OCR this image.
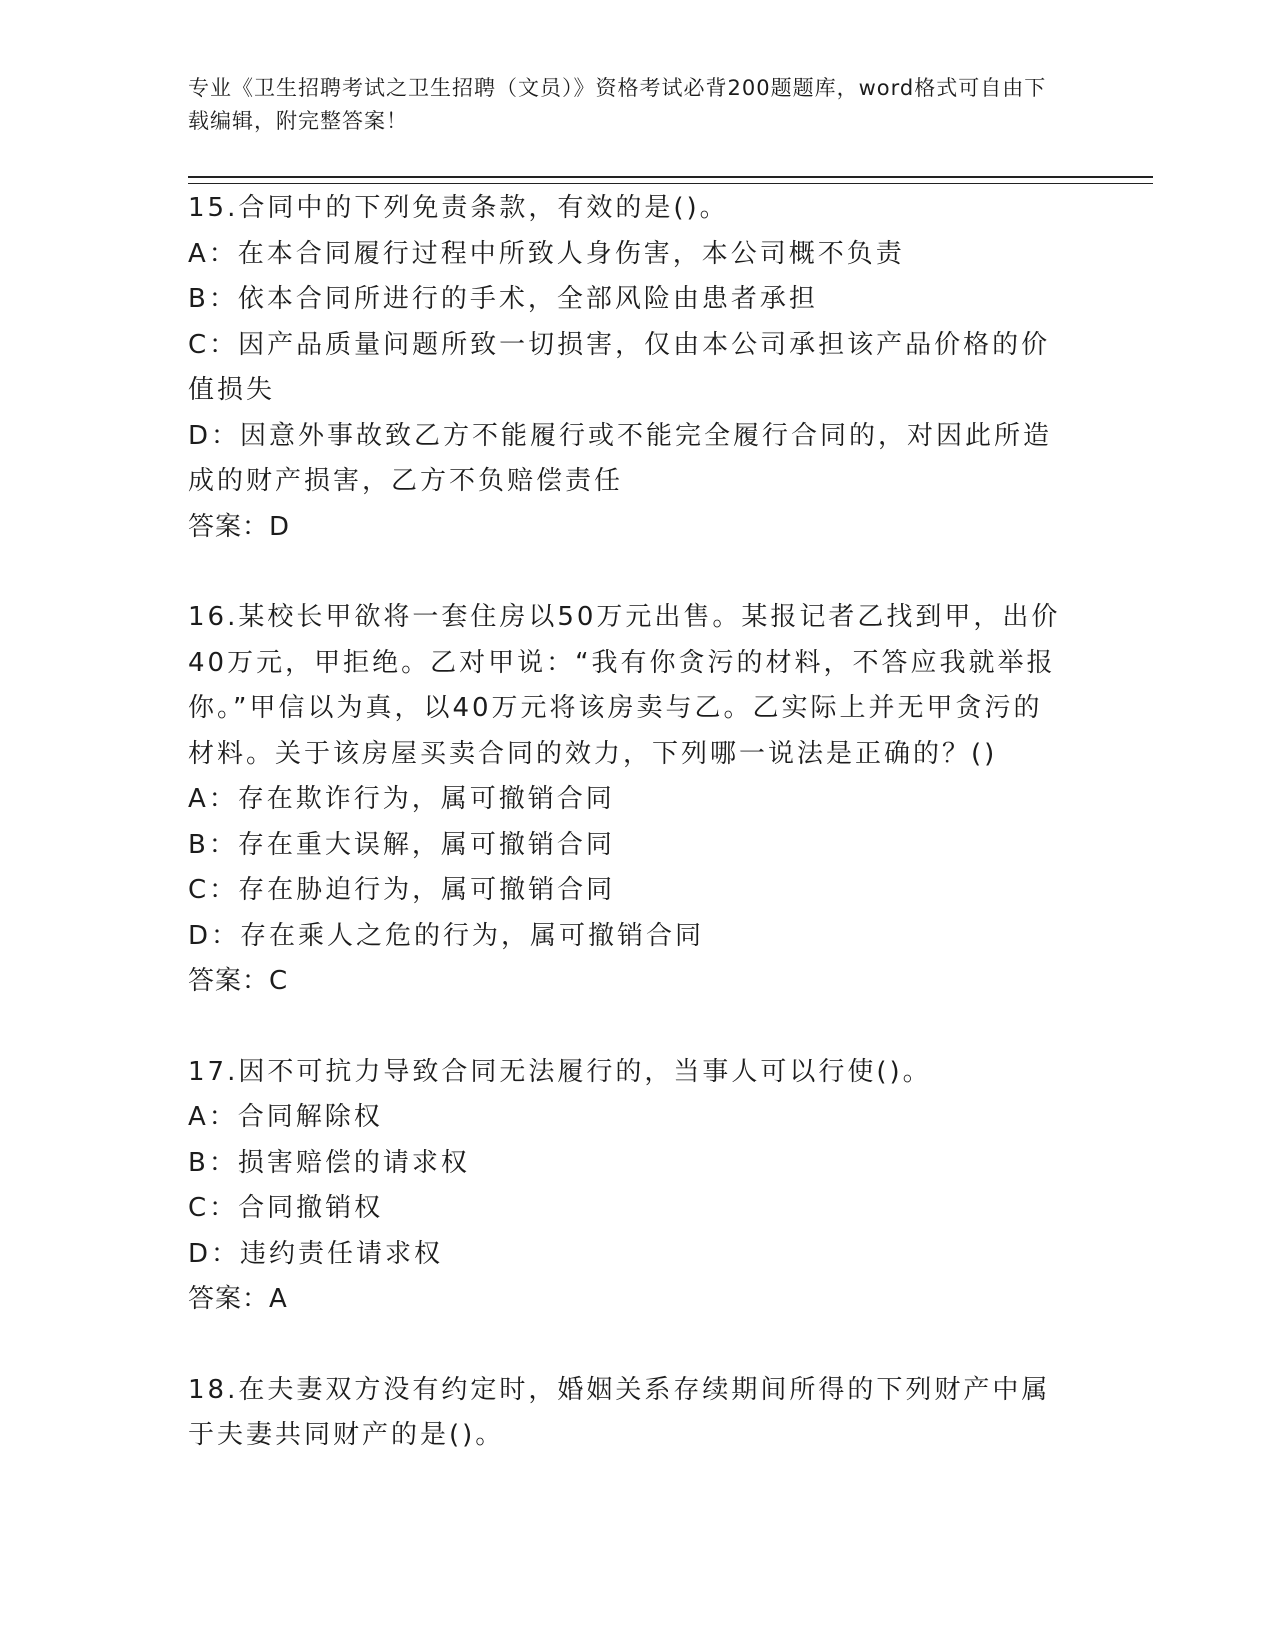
专业《卫生招聘考试之卫生招聘（文员）》资格考试必背200题题库，word格式可自由下载编辑，附完整答案！
15.合同中的下列免责条款，有效的是()。
A：在本合同履行过程中所致人身伤害，本公司概不负责
B：依本合同所进行的手术，全部风险由患者承担
C：因产品质量问题所致一切损害，仅由本公司承担该产品价格的价值损失
D：因意外事故致乙方不能履行或不能完全履行合同的，对因此所造成的财产损害，乙方不负赔偿责任
答案：D
16.某校长甲欲将一套住房以50万元出售。某报记者乙找到甲，出价40万元，甲拒绝。乙对甲说：“我有你贪污的材料，不答应我就举报你。”甲信以为真，以40万元将该房卖与乙。乙实际上并无甲贪污的材料。关于该房屋买卖合同的效力，下列哪一说法是正确的？()
A：存在欺诈行为，属可撤销合同
B：存在重大误解，属可撤销合同
C：存在胁迫行为，属可撤销合同
D：存在乘人之危的行为，属可撤销合同
答案：C
17.因不可抗力导致合同无法履行的，当事人可以行使()。
A：合同解除权
B：损害赔偿的请求权
C：合同撤销权
D：违约责任请求权
答案：A
18.在夫妻双方没有约定时，婚姻关系存续期间所得的下列财产中属于夫妻共同财产的是()。
